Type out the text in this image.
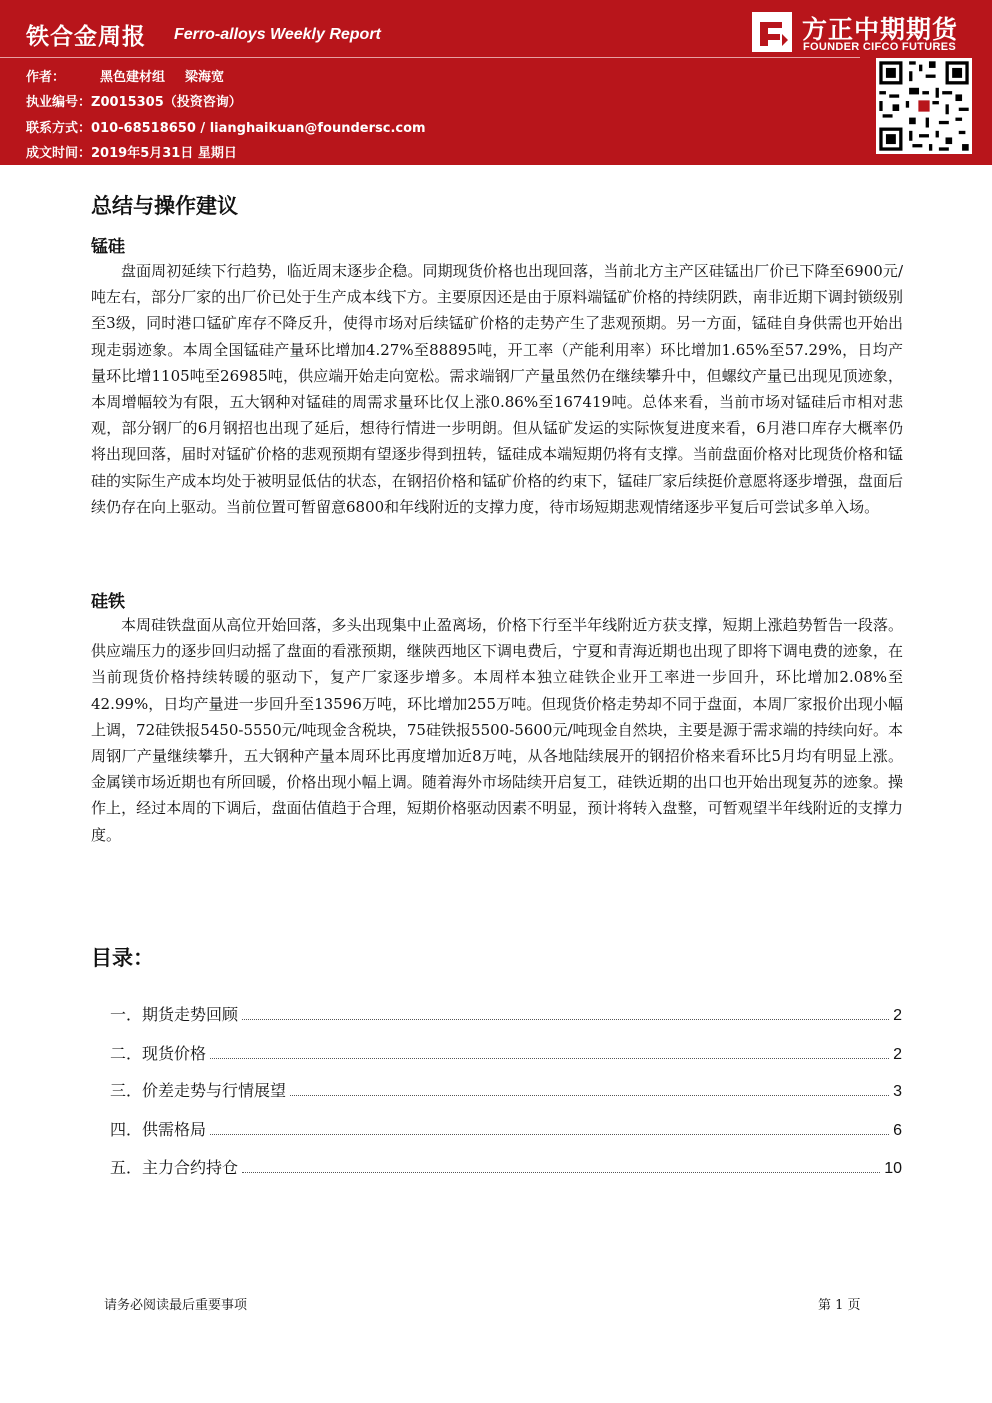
铁合金周报 Ferro-alloys Weekly Report
作者：	黑色建材组 梁海宽
执业编号：Z0015305（投资咨询）
联系方式：010-68518650 / lianghaikuan@foundersc.com
成文时间：2019年5月31日 星期日
方正中期期货
FOUNDER CIFCO FUTURES
总结与操作建议
锰硅

盘面周初延续下行趋势，临近周末逐步企稳。同期现货价格也出现回落，当前北方主产区硅锰出厂价已下降至6900元/吨左右，部分厂家的出厂价已处于生产成本线下方。主要原因还是由于原料端锰矿价格的持续阴跌，南非近期下调封锁级别至3级，同时港口锰矿库存不降反升，使得市场对后续锰矿价格的走势产生了悲观预期。另一方面，锰硅自身供需也开始出现走弱迹象。本周全国锰硅产量环比增加4.27%至88895吨，开工率（产能利用率）环比增加1.65%至57.29%，日均产量环比增1105吨至26985吨，供应端开始走向宽松。需求端钢厂产量虽然仍在继续攀升中，但螺纹产量已出现见顶迹象，本周增幅较为有限，五大钢种对锰硅的周需求量环比仅上涨0.86%至167419吨。总体来看，当前市场对锰硅后市相对悲观，部分钢厂的6月钢招也出现了延后，想待行情进一步明朗。但从锰矿发运的实际恢复进度来看，6月港口库存大概率仍将出现回落，届时对锰矿价格的悲观预期有望逐步得到扭转，锰硅成本端短期仍将有支撑。当前盘面价格对比现货价格和锰硅的实际生产成本均处于被明显低估的状态，在钢招价格和锰矿价格的约束下，锰硅厂家后续挺价意愿将逐步增强，盘面后续仍存在向上驱动。当前位置可暂留意6800和年线附近的支撑力度，待市场短期悲观情绪逐步平复后可尝试多单入场。

硅铁

本周硅铁盘面从高位开始回落，多头出现集中止盈离场，价格下行至半年线附近方获支撑，短期上涨趋势暂告一段落。供应端压力的逐步回归动摇了盘面的看涨预期，继陕西地区下调电费后，宁夏和青海近期也出现了即将下调电费的迹象，在当前现货价格持续转暖的驱动下，复产厂家逐步增多。本周样本独立硅铁企业开工率进一步回升，环比增加2.08%至42.99%，日均产量进一步回升至13596万吨，环比增加255万吨。但现货价格走势却不同于盘面，本周厂家报价出现小幅上调，72硅铁报5450-5550元/吨现金含税块，75硅铁报5500-5600元/吨现金自然块，主要是源于需求端的持续向好。本周钢厂产量继续攀升，五大钢种产量本周环比再度增加近8万吨，从各地陆续展开的钢招价格来看环比5月均有明显上涨。金属镁市场近期也有所回暖，价格出现小幅上调。随着海外市场陆续开启复工，硅铁近期的出口也开始出现复苏的迹象。操作上，经过本周的下调后，盘面估值趋于合理，短期价格驱动因素不明显，预计将转入盘整，可暂观望半年线附近的支撑力度。

目录：
一．期货走势回顾	2
二．现货价格	2
三．价差走势与行情展望	3
四．供需格局	6
五．主力合约持仓	10
请务必阅读最后重要事项	第 1 页
